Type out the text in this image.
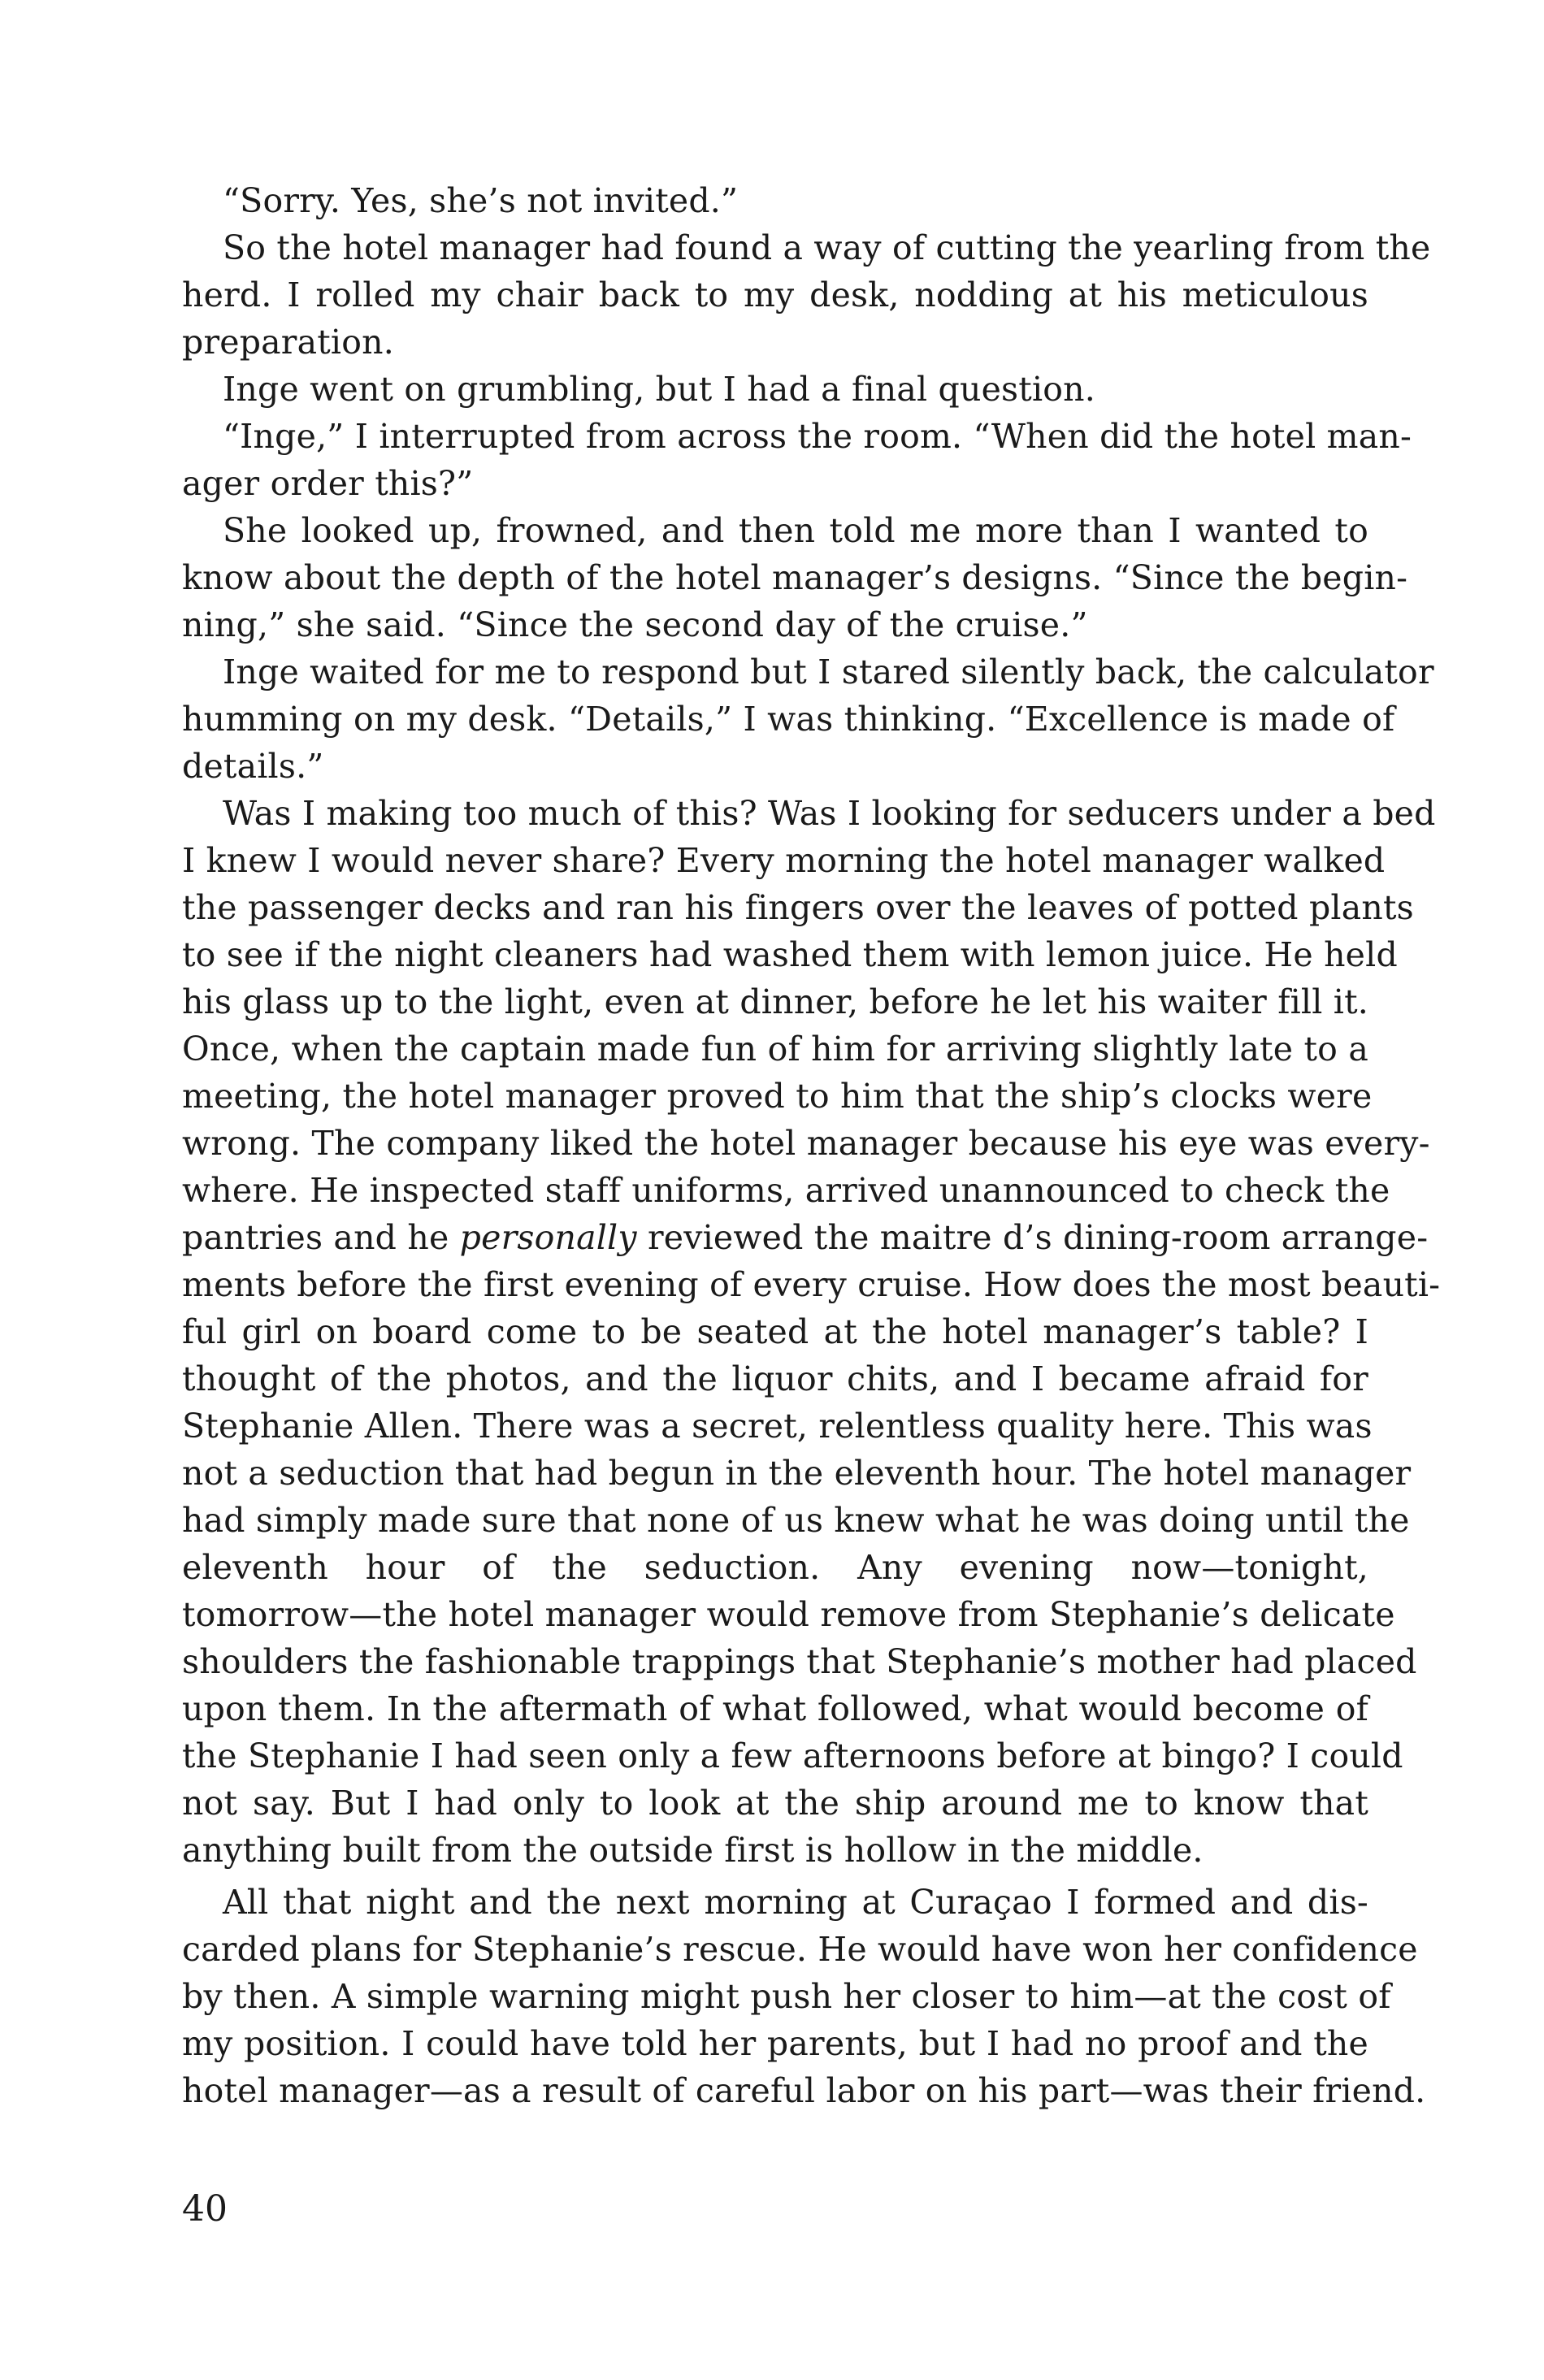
“Sorry. Yes, she’s not invited.”
So the hotel manager had found a way of cutting the yearling from the
herd. I rolled my chair back to my desk, nodding at his meticulous
preparation.
Inge went on grumbling, but I had a final question.
“Inge,” I interrupted from across the room. “When did the hotel man-
ager order this?”
She looked up, frowned, and then told me more than I wanted to
know about the depth of the hotel manager’s designs. “Since the begin-
ning,” she said. “Since the second day of the cruise.”
Inge waited for me to respond but I stared silently back, the calculator
humming on my desk. “Details,” I was thinking. “Excellence is made of
details.”
Was I making too much of this? Was I looking for seducers under a bed
I knew I would never share? Every morning the hotel manager walked
the passenger decks and ran his fingers over the leaves of potted plants
to see if the night cleaners had washed them with lemon juice. He held
his glass up to the light, even at dinner, before he let his waiter fill it.
Once, when the captain made fun of him for arriving slightly late to a
meeting, the hotel manager proved to him that the ship’s clocks were
wrong. The company liked the hotel manager because his eye was every-
where. He inspected staff uniforms, arrived unannounced to check the
pantries and he personally reviewed the maitre d’s dining-room arrange-
ments before the first evening of every cruise. How does the most beauti-
ful girl on board come to be seated at the hotel manager’s table? I
thought of the photos, and the liquor chits, and I became afraid for
Stephanie Allen. There was a secret, relentless quality here. This was
not a seduction that had begun in the eleventh hour. The hotel manager
had simply made sure that none of us knew what he was doing until the
eleventh hour of the seduction. Any evening now—tonight,
tomorrow—the hotel manager would remove from Stephanie’s delicate
shoulders the fashionable trappings that Stephanie’s mother had placed
upon them. In the aftermath of what followed, what would become of
the Stephanie I had seen only a few afternoons before at bingo? I could
not say. But I had only to look at the ship around me to know that
anything built from the outside first is hollow in the middle.
All that night and the next morning at Curaçao I formed and dis-
carded plans for Stephanie’s rescue. He would have won her confidence
by then. A simple warning might push her closer to him—at the cost of
my position. I could have told her parents, but I had no proof and the
hotel manager—as a result of careful labor on his part—was their friend.
40
